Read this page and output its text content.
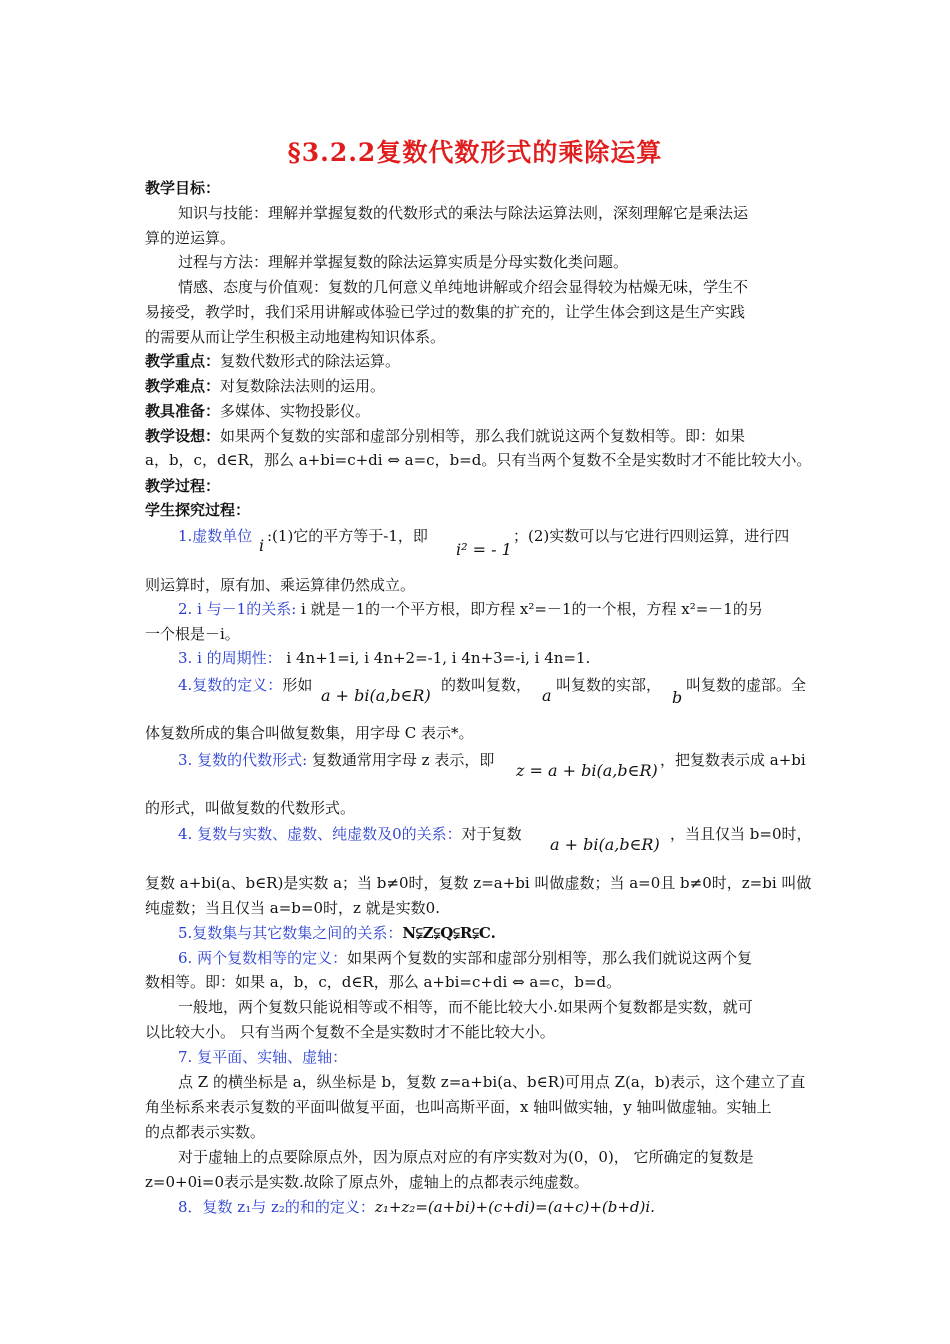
§3.2.2复数代数形式的乘除运算
教学目标：
知识与技能：理解并掌握复数的代数形式的乘法与除法运算法则，深刻理解它是乘法运
算的逆运算。
过程与方法：理解并掌握复数的除法运算实质是分母实数化类问题。
情感、态度与价值观：复数的几何意义单纯地讲解或介绍会显得较为枯燥无味，学生不
易接受，教学时，我们采用讲解或体验已学过的数集的扩充的，让学生体会到这是生产实践
的需要从而让学生积极主动地建构知识体系。
教学重点：复数代数形式的除法运算。
教学难点：对复数除法法则的运用。
教具准备：多媒体、实物投影仪。
教学设想：如果两个复数的实部和虚部分别相等，那么我们就说这两个复数相等。即：如果
a，b，c，d∈R，那么 a+bi=c+di ⇔ a=c，b=d。只有当两个复数不全是实数时才不能比较大小。
教学过程：
学生探究过程：
1.虚数单位 i :(1)它的平方等于-1，即
i² = - 1
；(2)实数可以与它进行四则运算，进行四
则运算时，原有加、乘运算律仍然成立。
2. i 与－1的关系: i 就是－1的一个平方根，即方程 x²=－1的一个根，方程 x²=－1的另
一个根是－i。
3. i 的周期性： i 4n+1=i, i 4n+2=-1, i 4n+3=-i, i 4n=1.
4.复数的定义：形如
a + bi(a,b∈R)
的数叫复数，
a
叫复数的实部，
b
叫复数的虚部。全
体复数所成的集合叫做复数集，用字母 C 表示*。
3. 复数的代数形式: 复数通常用字母 z 表示，即
z = a + bi(a,b∈R)
，把复数表示成 a+bi
的形式，叫做复数的代数形式。
4. 复数与实数、虚数、纯虚数及0的关系：对于复数
a + bi(a,b∈R)
，当且仅当 b=0时，
复数 a+bi(a、b∈R)是实数 a；当 b≠0时，复数 z=a+bi 叫做虚数；当 a=0且 b≠0时，z=bi 叫做
纯虚数；当且仅当 a=b=0时，z 就是实数0.
5.复数集与其它数集之间的关系：N⫋Z⫋Q⫋R⫋C.
6. 两个复数相等的定义：如果两个复数的实部和虚部分别相等，那么我们就说这两个复
数相等。即：如果 a，b，c，d∈R，那么 a+bi=c+di ⇔ a=c，b=d。
一般地，两个复数只能说相等或不相等，而不能比较大小.如果两个复数都是实数，就可
以比较大小。 只有当两个复数不全是实数时才不能比较大小。
7. 复平面、实轴、虚轴：
点 Z 的横坐标是 a，纵坐标是 b，复数 z=a+bi(a、b∈R)可用点 Z(a，b)表示，这个建立了直
角坐标系来表示复数的平面叫做复平面，也叫高斯平面，x 轴叫做实轴，y 轴叫做虚轴。实轴上
的点都表示实数。
对于虚轴上的点要除原点外，因为原点对应的有序实数对为(0，0)， 它所确定的复数是
z=0+0i=0表示是实数.故除了原点外，虚轴上的点都表示纯虚数。
8．复数 z₁与 z₂的和的定义：z₁+z₂=(a+bi)+(c+di)=(a+c)+(b+d)i.
